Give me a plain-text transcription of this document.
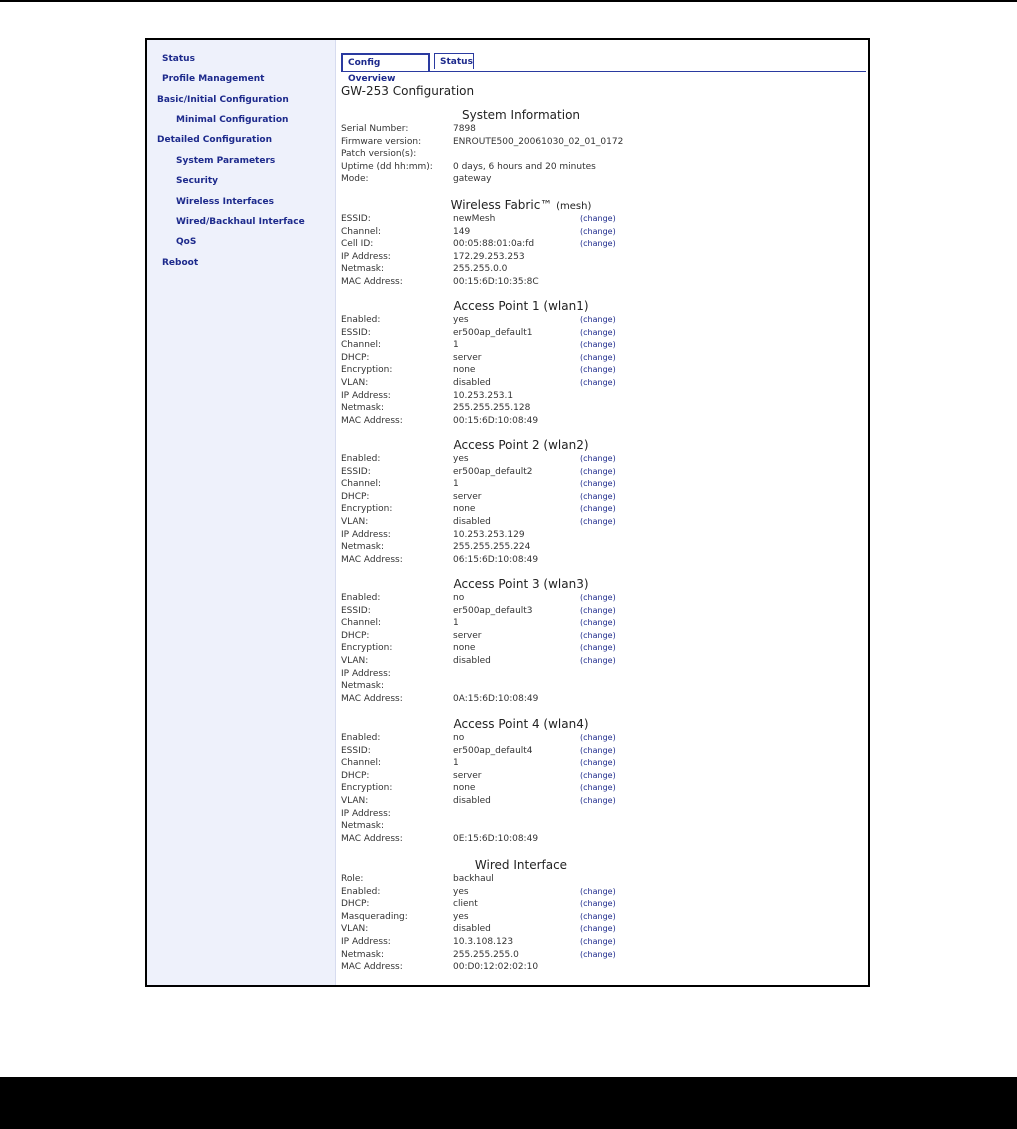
Status
Profile Management
Basic/Initial Configuration
Minimal Configuration
Detailed Configuration
System Parameters
Security
Wireless Interfaces
Wired/Backhaul Interface
QoS
Reboot
Config Overview
Status
GW-253 Configuration
System Information
Serial Number:	7898
Firmware version:	ENROUTE500_20061030_02_01_0172
Patch version(s):
Uptime (dd hh:mm): 0 days, 6 hours and 20 minutes
Mode:	gateway
Wireless Fabric™ (mesh)
ESSID:	newMesh	(change)
Channel:	149	(change)
Cell ID:	00:05:88:01:0a:fd	(change)
IP Address:	172.29.253.253
Netmask:	255.255.0.0
MAC Address:	00:15:6D:10:35:8C
Access Point 1 (wlan1)
Enabled:	yes	(change)
ESSID:	er500ap_default1	(change)
Channel:	1	(change)
DHCP:	server	(change)
Encryption:	none	(change)
VLAN:	disabled	(change)
IP Address:	10.253.253.1
Netmask:	255.255.255.128
MAC Address:	00:15:6D:10:08:49
Access Point 2 (wlan2)
Enabled:	yes	(change)
ESSID:	er500ap_default2	(change)
Channel:	1	(change)
DHCP:	server	(change)
Encryption:	none	(change)
VLAN:	disabled	(change)
IP Address:	10.253.253.129
Netmask:	255.255.255.224
MAC Address:	06:15:6D:10:08:49
Access Point 3 (wlan3)
Enabled:	no	(change)
ESSID:	er500ap_default3	(change)
Channel:	1	(change)
DHCP:	server	(change)
Encryption:	none	(change)
VLAN:	disabled	(change)
IP Address:
Netmask:
MAC Address:	0A:15:6D:10:08:49
Access Point 4 (wlan4)
Enabled:	no	(change)
ESSID:	er500ap_default4	(change)
Channel:	1	(change)
DHCP:	server	(change)
Encryption:	none	(change)
VLAN:	disabled	(change)
IP Address:
Netmask:
MAC Address:	0E:15:6D:10:08:49
Wired Interface
Role:	backhaul
Enabled:	yes	(change)
DHCP:	client	(change)
Masquerading:	yes	(change)
VLAN:	disabled	(change)
IP Address:	10.3.108.123	(change)
Netmask:	255.255.255.0	(change)
MAC Address:	00:D0:12:02:02:10
